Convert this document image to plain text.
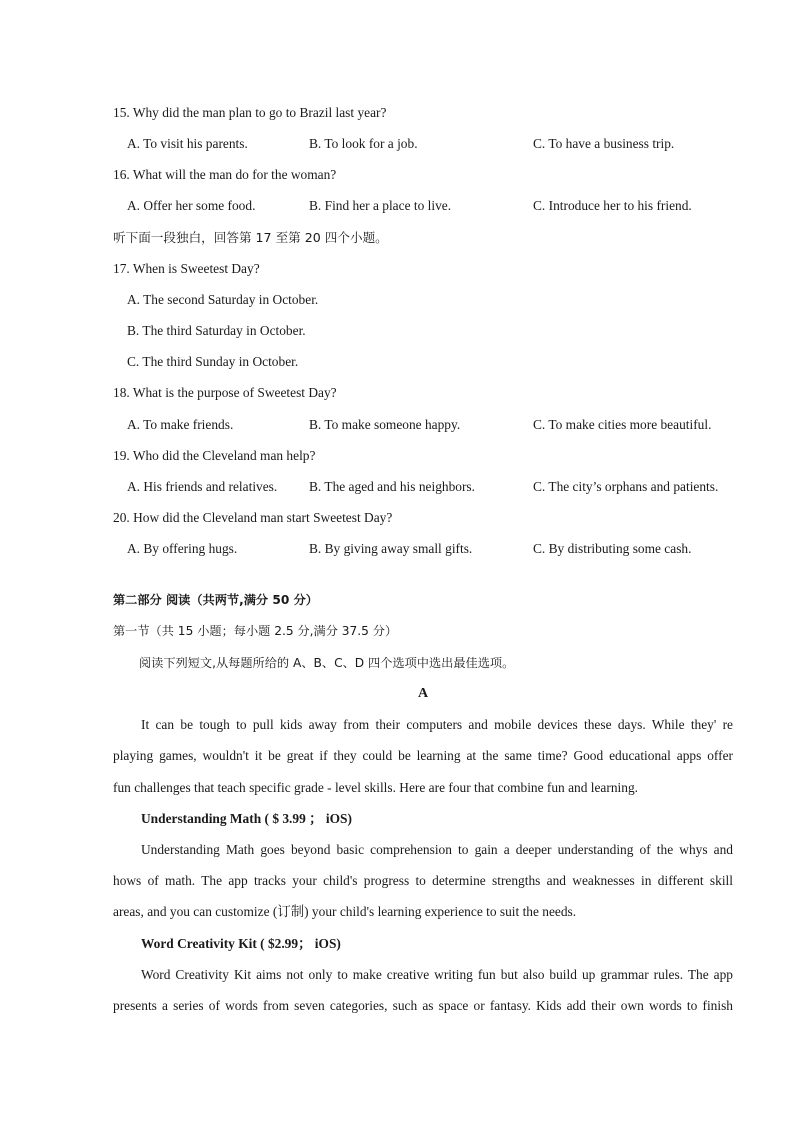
15. Why did the man plan to go to Brazil last year?
A. To visit his parents.	B. To look for a job.	C. To have a business trip.
16. What will the man do for the woman?
A. Offer her some food.	B. Find her a place to live.	C. Introduce her to his friend.
听下面一段独白，回答第 17 至第 20 四个小题。
17. When is Sweetest Day?
A. The second Saturday in October.
B. The third Saturday in October.
C. The third Sunday in October.
18. What is the purpose of Sweetest Day?
A. To make friends.	B. To make someone happy.	C. To make cities more beautiful.
19. Who did the Cleveland man help?
A. His friends and relatives. B. The aged and his neighbors.	C. The city’s orphans and patients.
20. How did the Cleveland man start Sweetest Day?
A. By offering hugs.	B. By giving away small gifts.	C. By distributing some cash.
第二部分 阅读（共两节,满分 50 分）
第一节（共 15 小题；每小题 2.5 分,满分 37.5 分）
阅读下列短文,从每题所给的 A、B、C、D 四个选项中选出最佳选项。
A
It can be tough to pull kids away from their computers and mobile devices these days. While they' re
playing games, wouldn't it be great if they could be learning at the same time? Good educational apps offer
fun challenges that teach specific grade - level skills. Here are four that combine fun and learning.
Understanding Math ( $ 3.99 ； iOS)
Understanding Math goes beyond basic comprehension to gain a deeper understanding of the whys and
hows of math. The app tracks your child's progress to determine strengths and weaknesses in different skill
areas, and you can customize (订制) your child's learning experience to suit the needs.
Word Creativity Kit ( $2.99； iOS)
Word Creativity Kit aims not only to make creative writing fun but also build up grammar rules. The app
presents a series of words from seven categories, such as space or fantasy. Kids add their own words to finish
